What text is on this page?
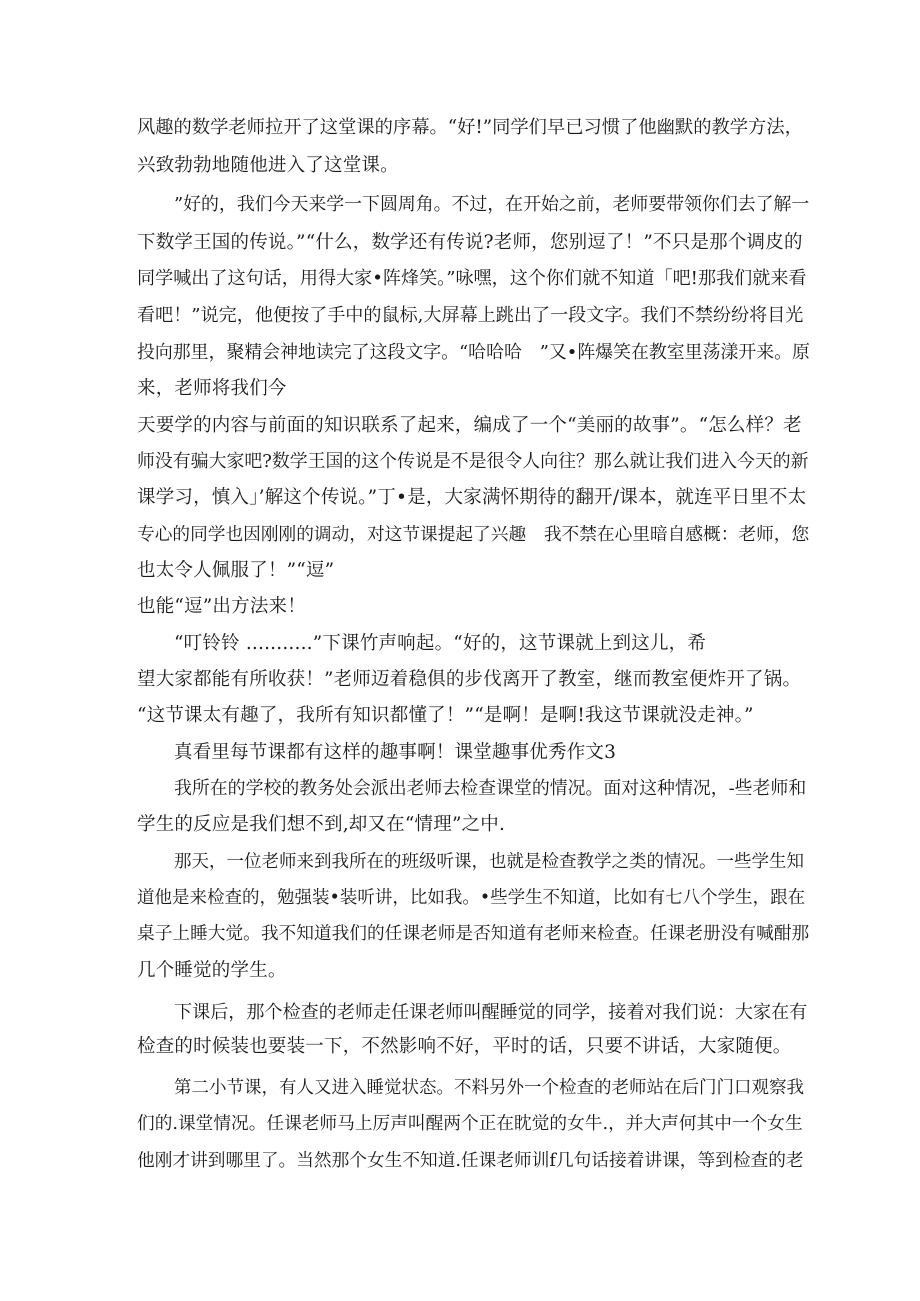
风趣的数学老师拉开了这堂课的序幕。“好!”同学们早已习惯了他幽默的教学方法，
兴致勃勃地随他进入了这堂课。
”好的，我们今天来学一下圆周角。不过，在开始之前，老师要带领你们去了解一
下数学王国的传说。”“什么，数学还有传说?老师，您别逗了！”不只是那个调皮的
同学喊出了这句话，用得大家•阵烽笑。”咏嘿，这个你们就不知道「吧!那我们就来看
看吧！”说完，他便按了手中的鼠标,大屏幕上跳出了一段文字。我们不禁纷纷将目光
投向那里，聚精会神地读完了这段文字。“哈哈哈　”又•阵爆笑在教室里荡漾开来。原
来，老师将我们今
天要学的内容与前面的知识联系了起来，编成了一个“美丽的故事”。“怎么样？老
师没有骗大家吧?数学王国的这个传说是不是很令人向往？那么就让我们进入今天的新
课学习，慎入」’解这个传说。”丁•是，大家满怀期待的翻开/课本，就连平日里不太
专心的同学也因刚刚的调动，对这节课提起了兴趣　我不禁在心里暗自感概：老师，您
也太令人佩服了！”“逗”
也能“逗”出方法来！
“叮铃铃 ...........”下课竹声响起。“好的，这节课就上到这儿，希
望大家都能有所收获！”老师迈着稳俱的步伐离开了教室，继而教室便炸开了锅。
“这节课太有趣了，我所有知识都懂了！”“是啊！是啊!我这节课就没走神。”
真看里每节课都有这样的趣事啊！课堂趣事优秀作文3
我所在的学校的教务处会派出老师去检查课堂的情况。面对这种情况，-些老师和
学生的反应是我们想不到,却又在“情理”之中.
那天，一位老师来到我所在的班级听课，也就是检查教学之类的情况。一些学生知
道他是来检查的，勉强装•装听讲，比如我。•些学生不知道，比如有七八个学生，跟在
桌子上睡大觉。我不知道我们的任课老师是否知道有老师来检查。任课老册没有喊酣那
几个睡觉的学生。
下课后，那个检查的老师走任课老师叫醒睡觉的同学，接着对我们说：大家在有
检查的时候装也要装一下，不然影响不好，平时的话，只要不讲话，大家随便。
第二小节课，有人又进入睡觉状态。不料另外一个检查的老师站在后门门口观察我
们的.课堂情况。任课老师马上厉声叫醒两个正在眈觉的女牛.，并大声何其中一个女生
他刚才讲到哪里了。当然那个女生不知道.任课老师训f几句话接着讲课，等到检查的老
